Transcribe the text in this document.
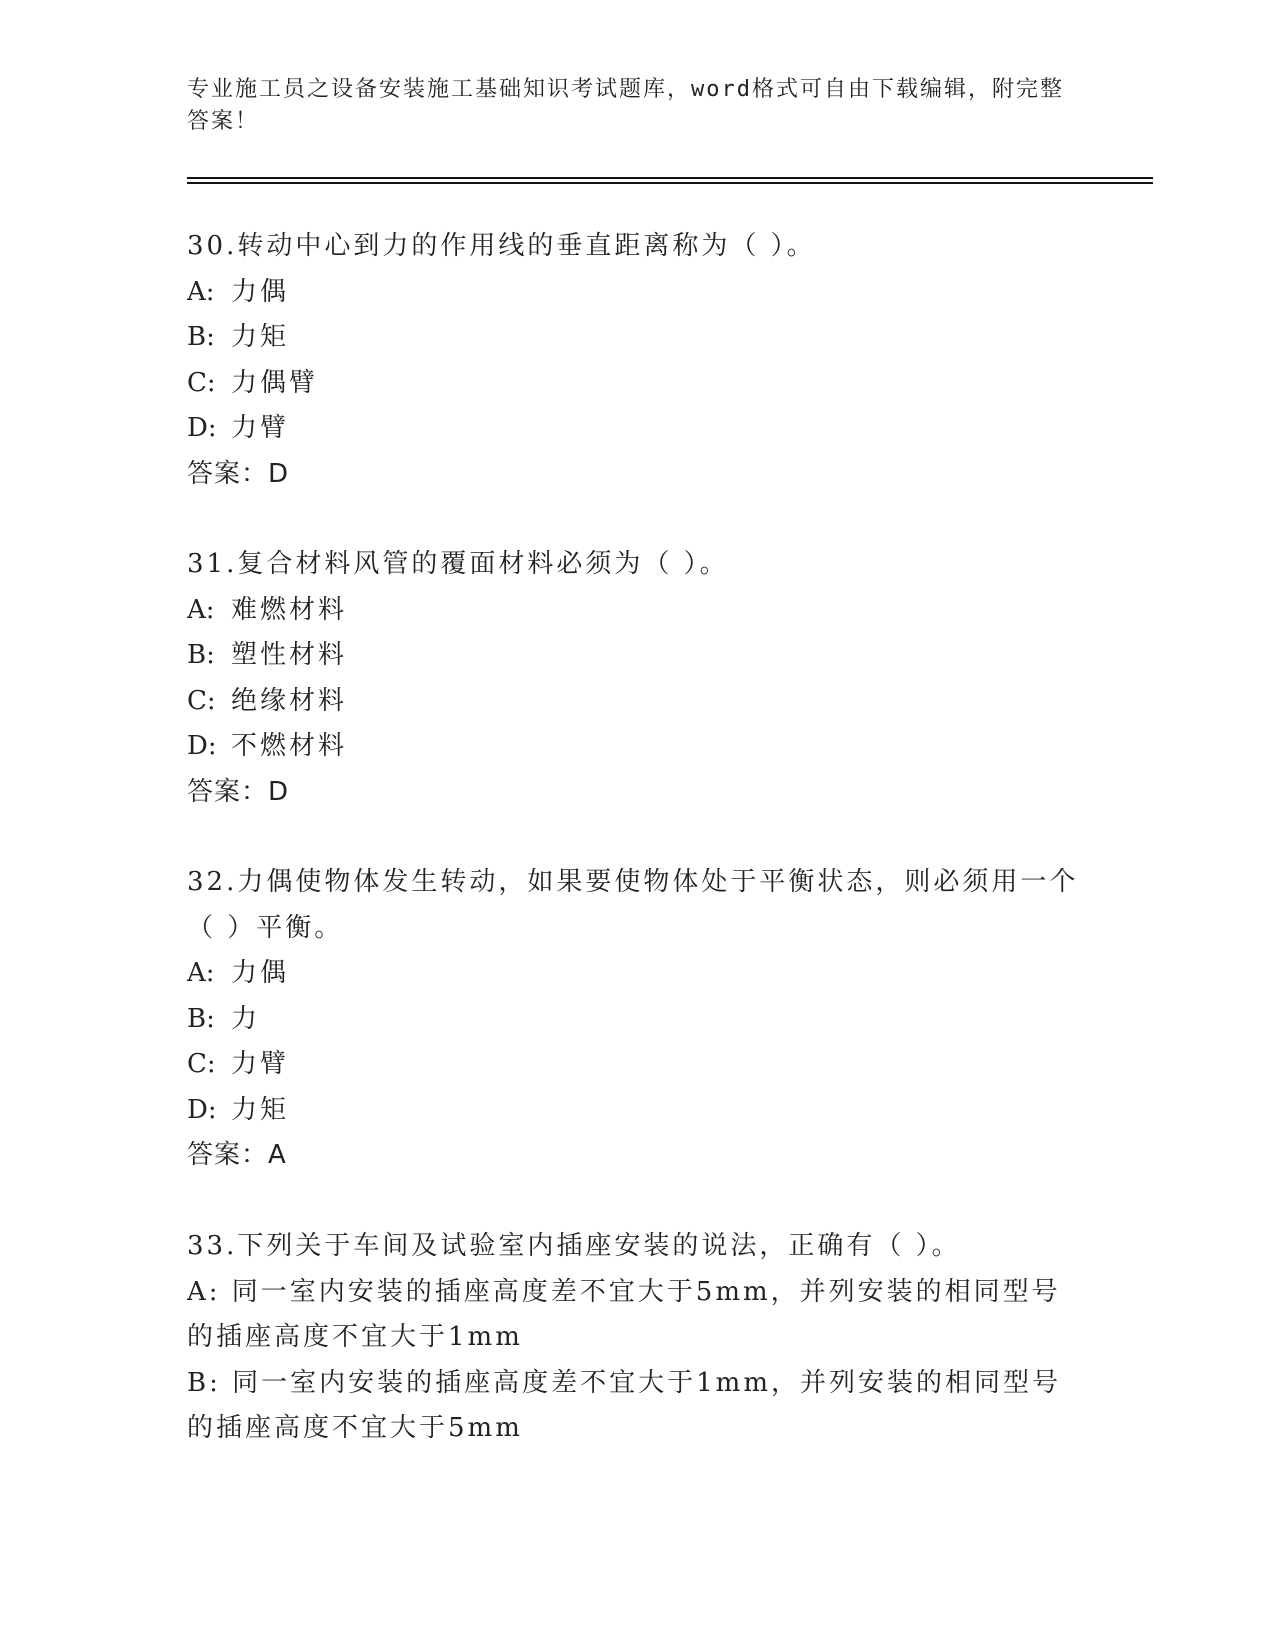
专业施工员之设备安装施工基础知识考试题库，word格式可自由下载编辑，附完整答案！
30.转动中心到力的作用线的垂直距离称为（ ）。
A: 力偶
B: 力矩
C: 力偶臂
D: 力臂
答案：D
31.复合材料风管的覆面材料必须为（ ）。
A: 难燃材料
B: 塑性材料
C: 绝缘材料
D: 不燃材料
答案：D
32.力偶使物体发生转动，如果要使物体处于平衡状态，则必须用一个（ ）平衡。
A: 力偶
B: 力
C: 力臂
D: 力矩
答案：A
33.下列关于车间及试验室内插座安装的说法，正确有（ ）。
A: 同一室内安装的插座高度差不宜大于5mm，并列安装的相同型号的插座高度不宜大于1mm
B: 同一室内安装的插座高度差不宜大于1mm，并列安装的相同型号的插座高度不宜大于5mm
